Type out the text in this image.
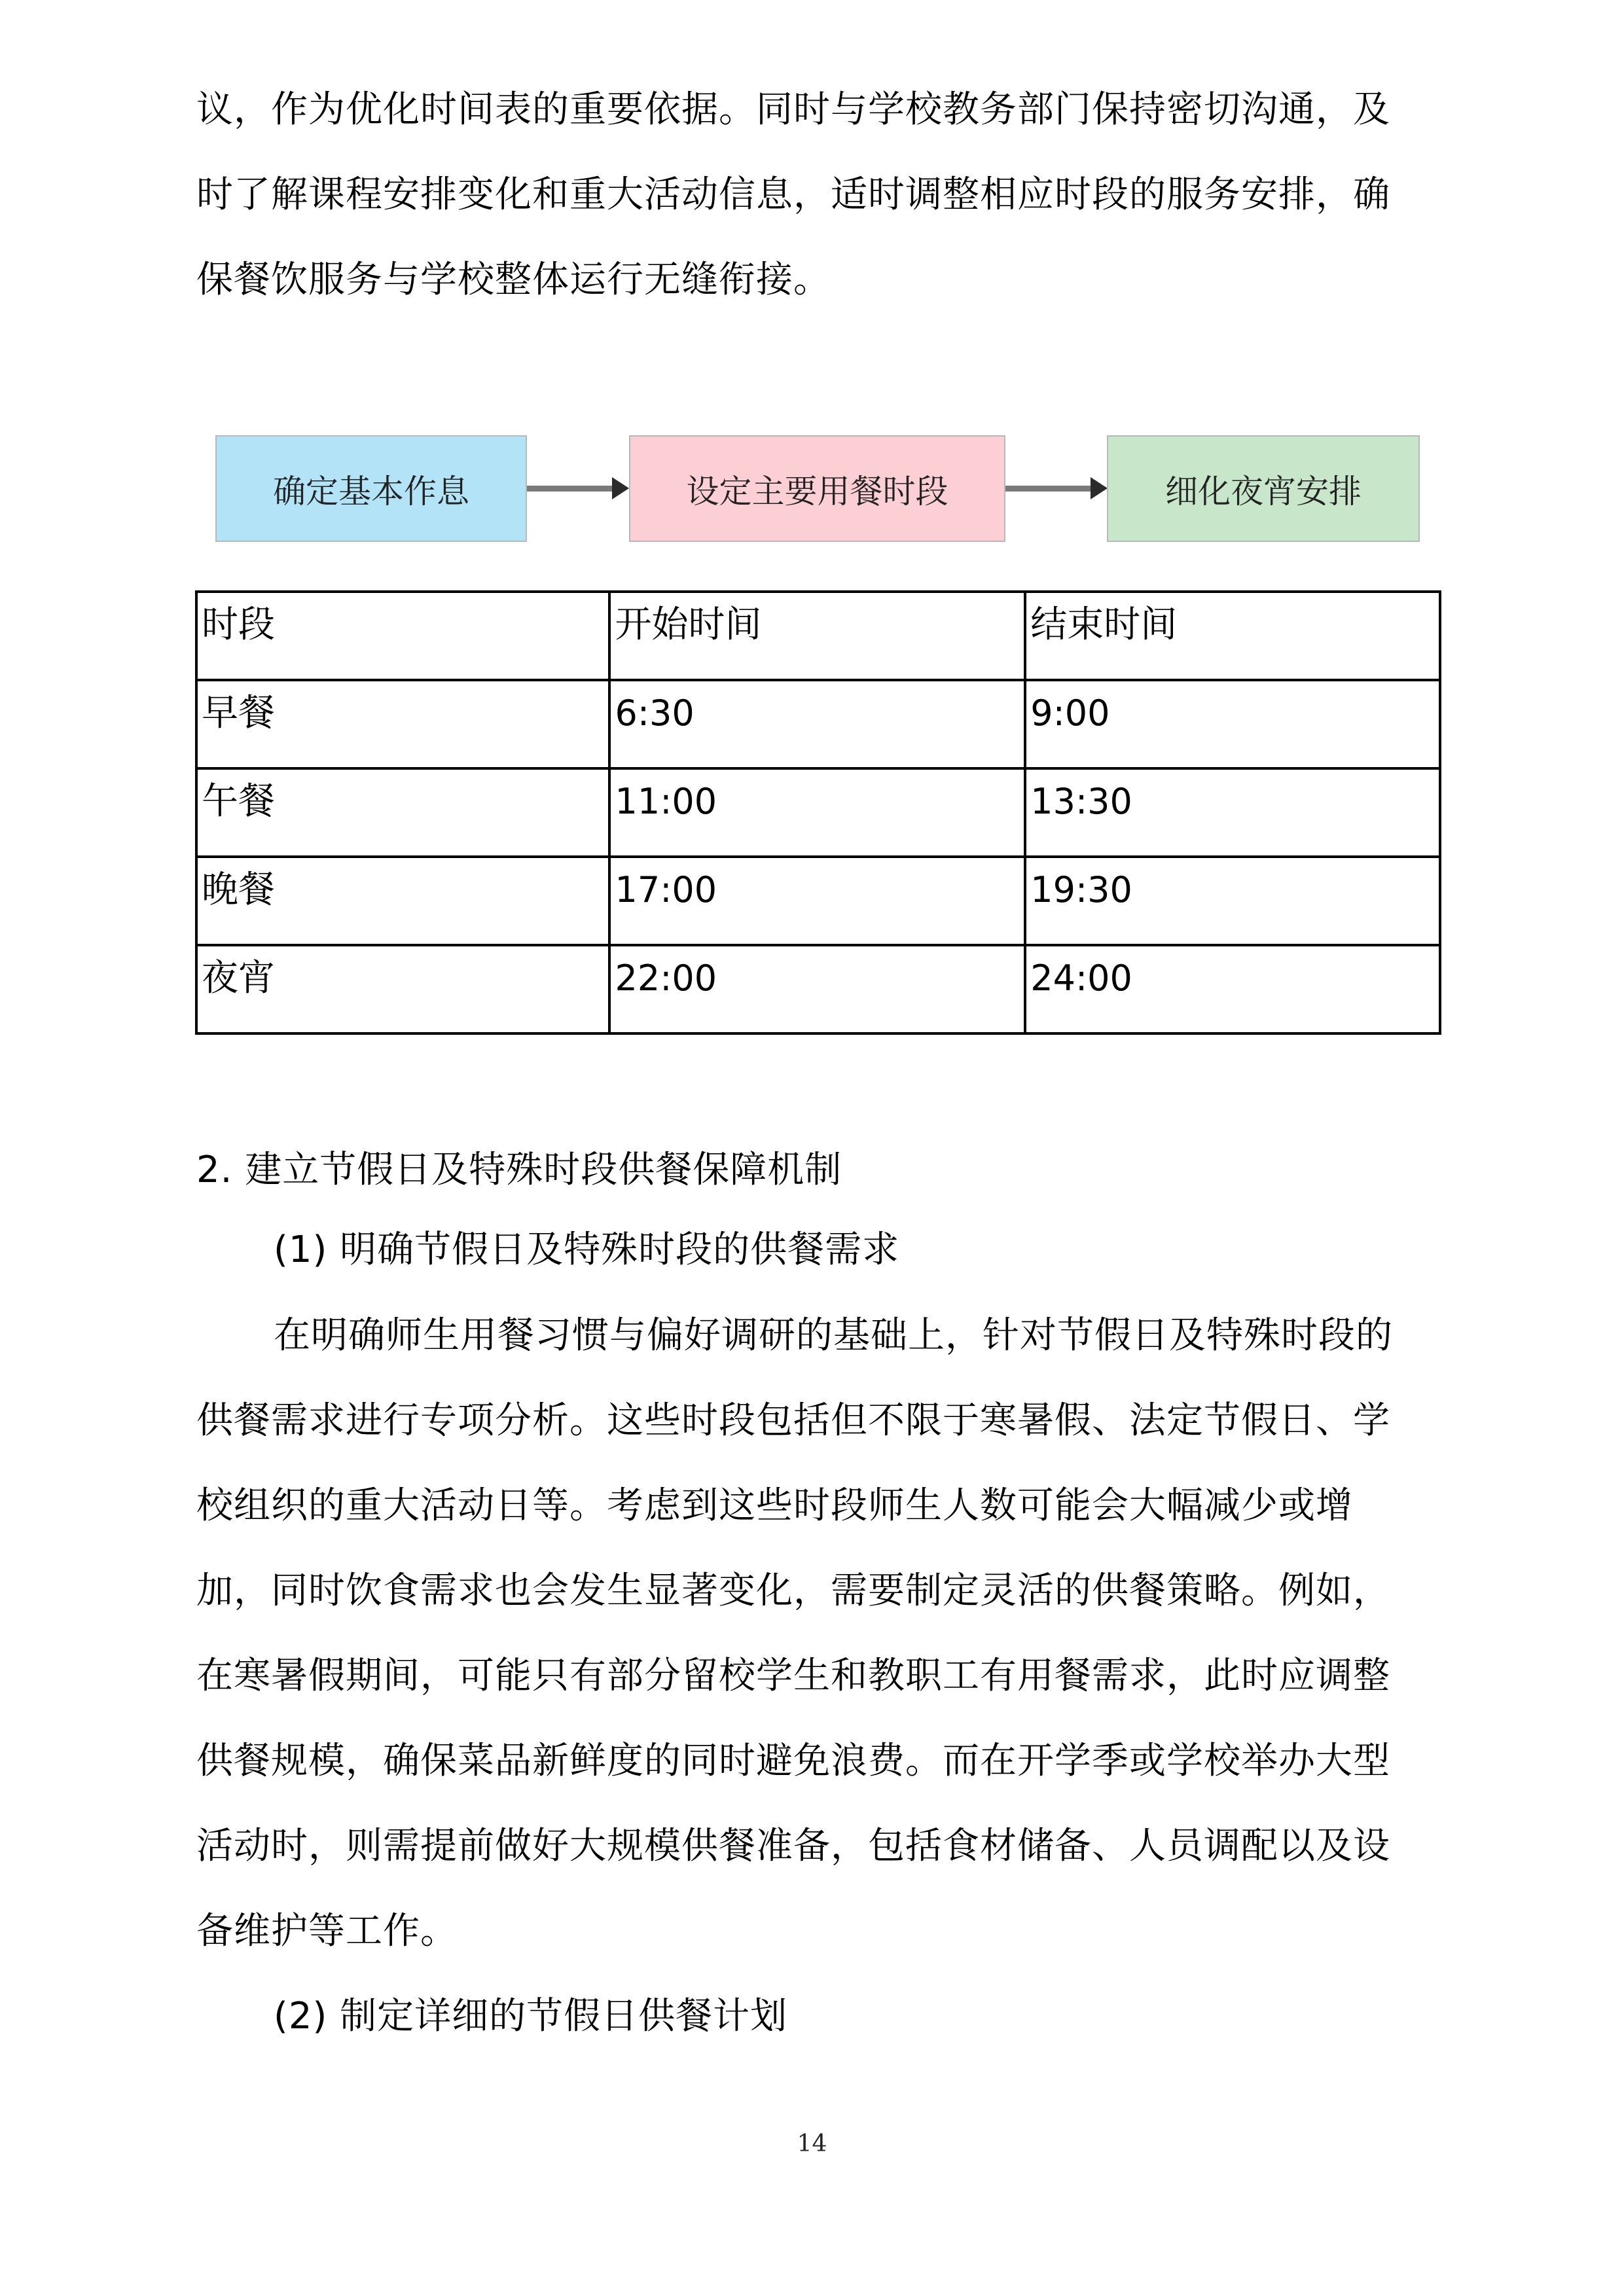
议，作为优化时间表的重要依据。同时与学校教务部门保持密切沟通，及
时了解课程安排变化和重大活动信息，适时调整相应时段的服务安排，确
保餐饮服务与学校整体运行无缝衔接。
确定基本作息	设定主要用餐时段	细化夜宵安排
时段	开始时间	结束时间
早餐	6:30	9:00
午餐	11:00	13:30
晚餐	17:00	19:30
夜宵	22:00	24:00
2. 建立节假日及特殊时段供餐保障机制
(1) 明确节假日及特殊时段的供餐需求
在明确师生用餐习惯与偏好调研的基础上，针对节假日及特殊时段的
供餐需求进行专项分析。这些时段包括但不限于寒暑假、法定节假日、学
校组织的重大活动日等。考虑到这些时段师生人数可能会大幅减少或增
加，同时饮食需求也会发生显著变化，需要制定灵活的供餐策略。例如，
在寒暑假期间，可能只有部分留校学生和教职工有用餐需求，此时应调整
供餐规模，确保菜品新鲜度的同时避免浪费。而在开学季或学校举办大型
活动时，则需提前做好大规模供餐准备，包括食材储备、人员调配以及设
备维护等工作。
(2) 制定详细的节假日供餐计划
14
